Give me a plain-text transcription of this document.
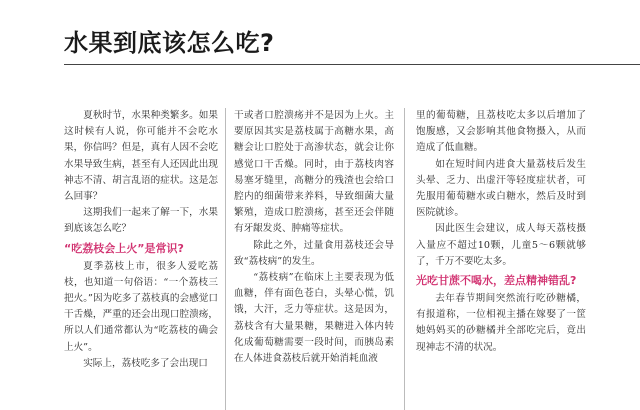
水果到底该怎么吃?

夏秋时节，水果种类繁多。如果这时候有人说，你可能并不会吃水果，你信吗？但是，真有人因不会吃水果导致生病，甚至有人还因此出现神志不清、胡言乱语的症状。这是怎么回事？

这期我们一起来了解一下，水果到底该怎么吃？

“吃荔枝会上火”是常识?

夏季荔枝上市，很多人爱吃荔枝，也知道一句俗语：“一个荔枝三把火。”因为吃多了荔枝真的会感觉口干舌燥，严重的还会出现口腔溃疡，所以人们通常都认为“吃荔枝的确会上火”。

实际上，荔枝吃多了会出现口

干或者口腔溃疡并不是因为上火。主要原因其实是荔枝属于高糖水果，高糖会让口腔处于高渗状态，就会让你感觉口干舌燥。同时，由于荔枝肉容易塞牙缝里，高糖分的残渣也会给口腔内的细菌带来养料，导致细菌大量繁殖，造成口腔溃疡，甚至还会伴随有牙龈发炎、肿痛等症状。

除此之外，过量食用荔枝还会导致“荔枝病”的发生。

“荔枝病”在临床上主要表现为低血糖，伴有面色苍白，头晕心慌，饥饿，大汗，乏力等症状。这是因为，荔枝含有大量果糖，果糖进入体内转化成葡萄糖需要一段时间，而胰岛素在人体进食荔枝后就开始消耗血液

里的葡萄糖，且荔枝吃太多以后增加了饱腹感，又会影响其他食物摄入，从而造成了低血糖。

如在短时间内进食大量荔枝后发生头晕、乏力、出虚汗等轻度症状者，可先服用葡萄糖水或白糖水，然后及时到医院就诊。

因此医生会建议，成人每天荔枝摄入量应不超过10颗，儿童5～6颗就够了，千万不要吃太多。

光吃甘蔗不喝水，差点精神错乱?

去年春节期间突然流行吃砂糖橘，有报道称，一位相视主播在嫁娶了一筐她妈妈买的砂糖橘并全部吃完后，竟出现神志不清的状况。
